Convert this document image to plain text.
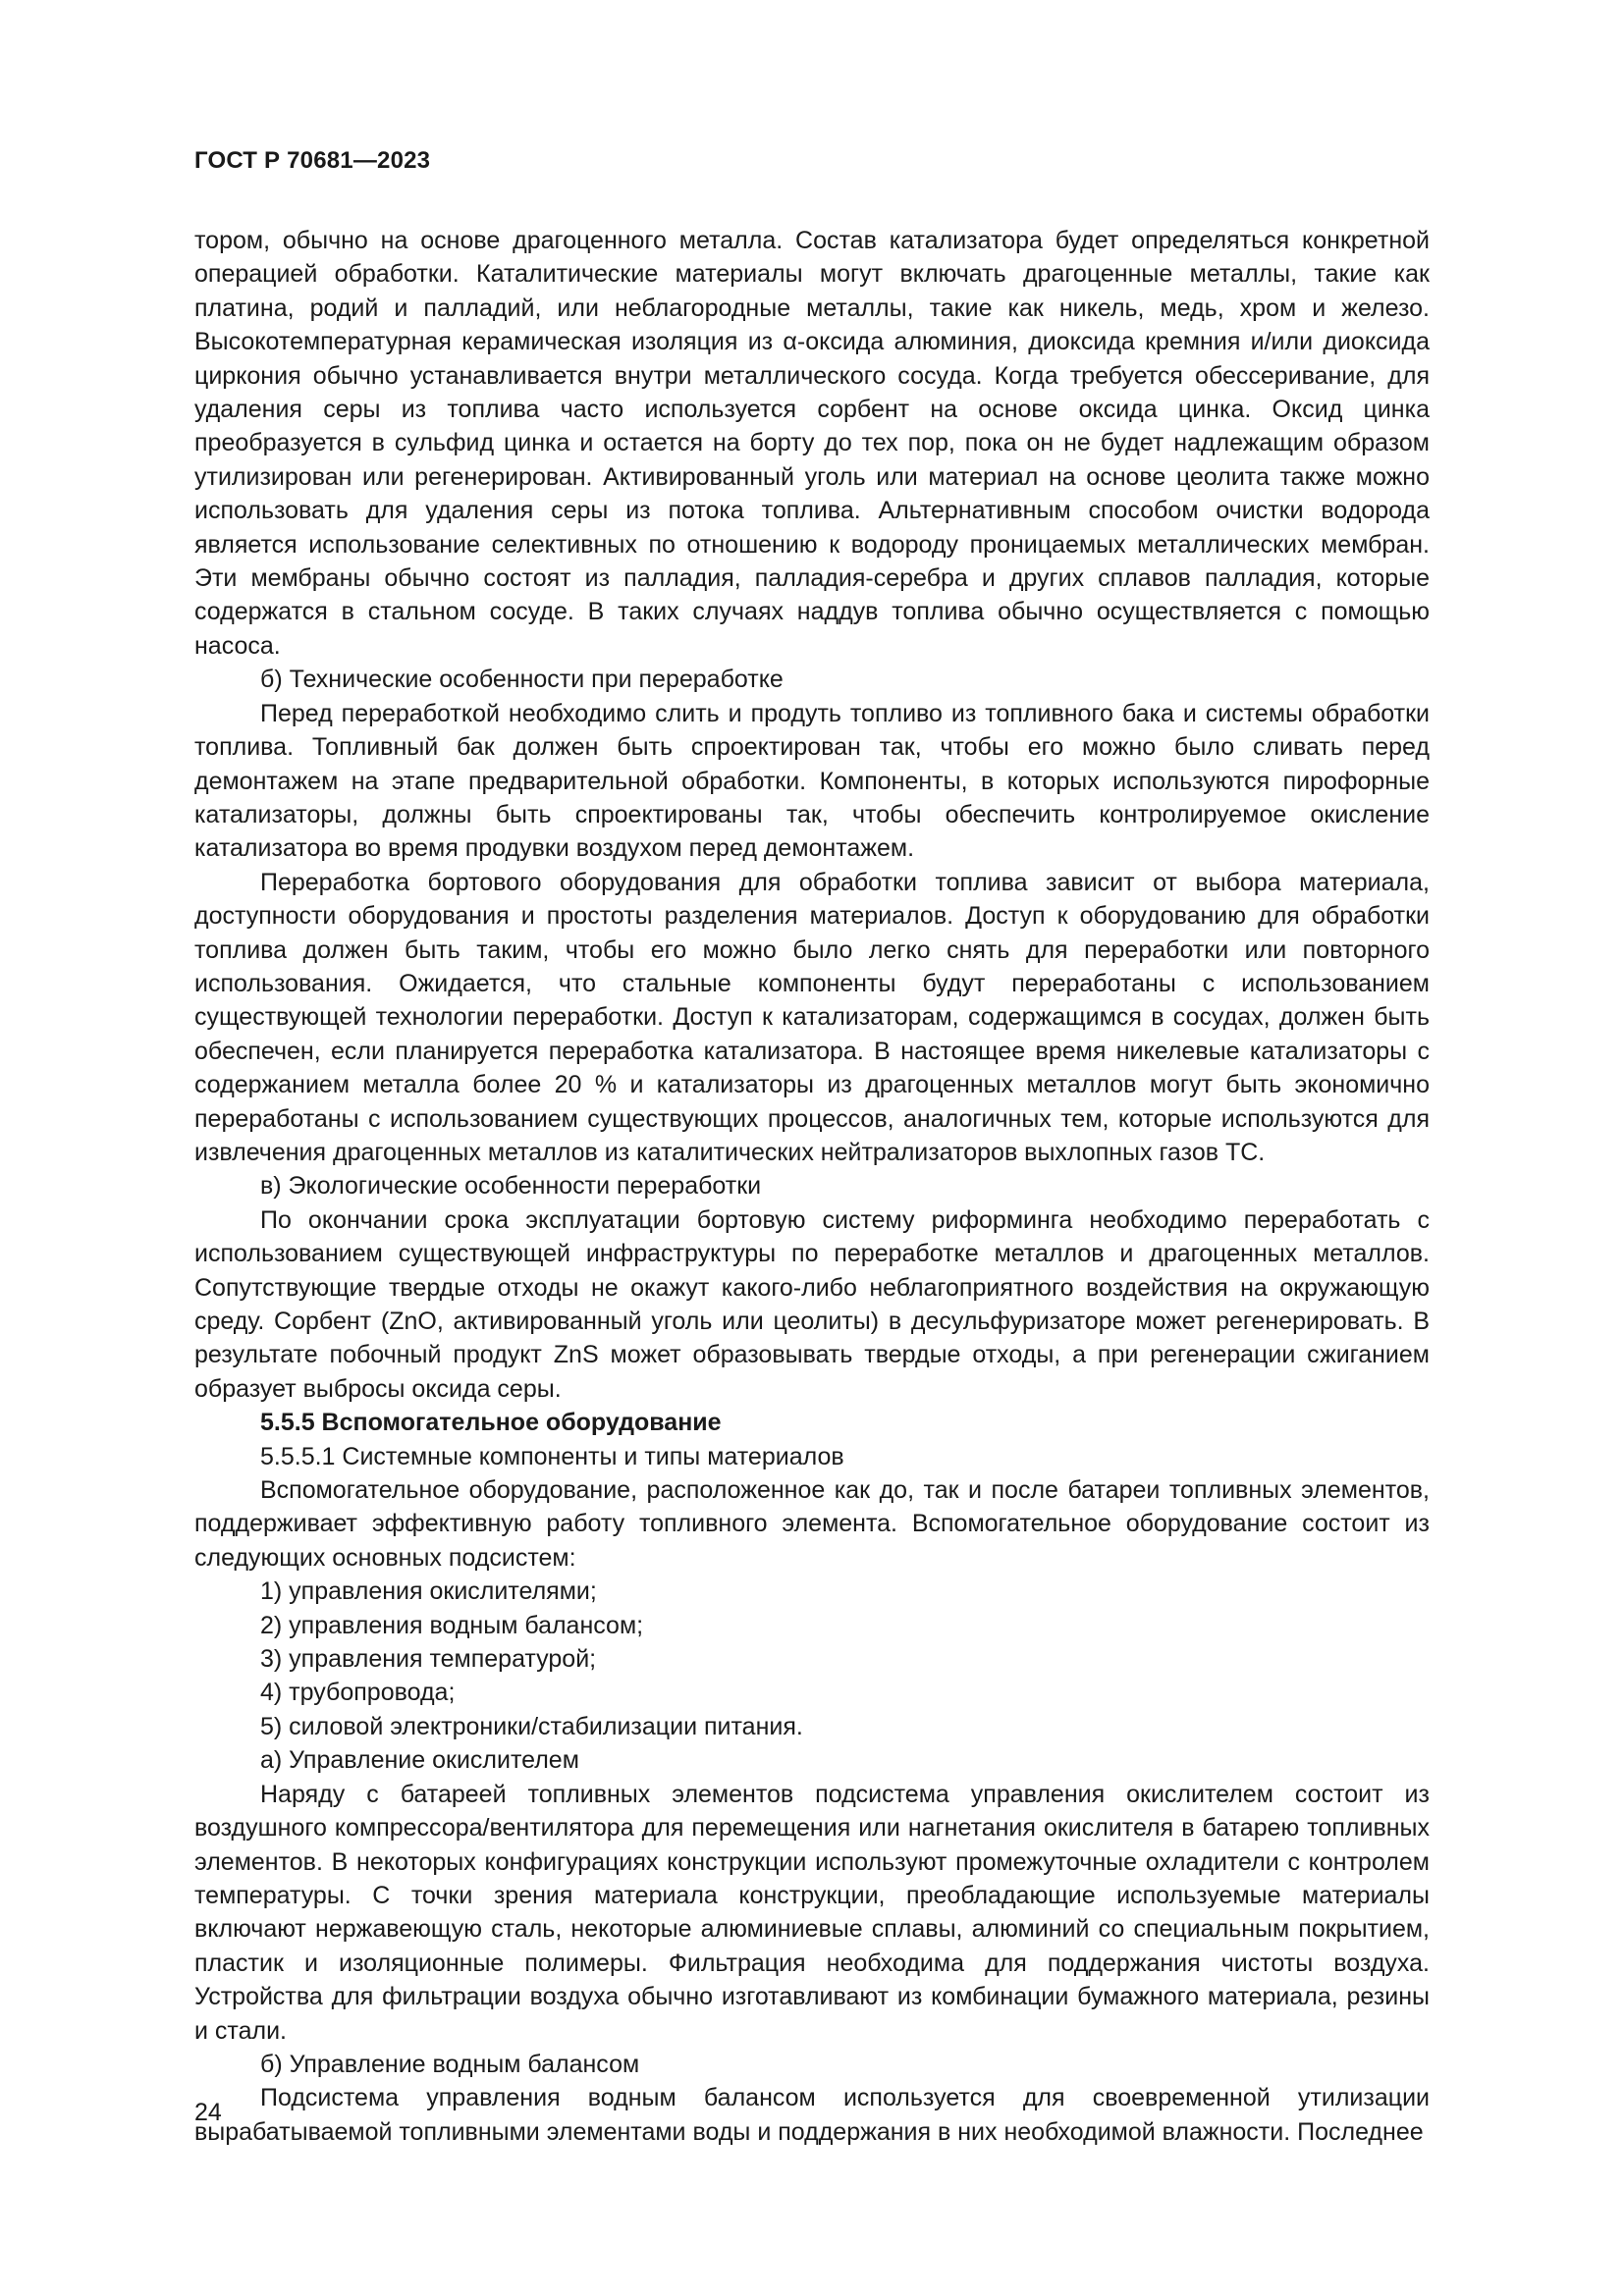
ГОСТ Р 70681—2023

тором, обычно на основе драгоценного металла. Состав катализатора будет определяться конкретной операцией обработки. Каталитические материалы могут включать драгоценные металлы, такие как платина, родий и палладий, или неблагородные металлы, такие как никель, медь, хром и железо. Высокотемпературная керамическая изоляция из α-оксида алюминия, диоксида кремния и/или диоксида циркония обычно устанавливается внутри металлического сосуда. Когда требуется обессеривание, для удаления серы из топлива часто используется сорбент на основе оксида цинка. Оксид цинка преобразуется в сульфид цинка и остается на борту до тех пор, пока он не будет надлежащим образом утилизирован или регенерирован. Активированный уголь или материал на основе цеолита также можно использовать для удаления серы из потока топлива. Альтернативным способом очистки водорода является использование селективных по отношению к водороду проницаемых металлических мембран. Эти мембраны обычно состоят из палладия, палладия-серебра и других сплавов палладия, которые содержатся в стальном сосуде. В таких случаях наддув топлива обычно осуществляется с помощью насоса.

б) Технические особенности при переработке

Перед переработкой необходимо слить и продуть топливо из топливного бака и системы обработки топлива. Топливный бак должен быть спроектирован так, чтобы его можно было сливать перед демонтажем на этапе предварительной обработки. Компоненты, в которых используются пирофорные катализаторы, должны быть спроектированы так, чтобы обеспечить контролируемое окисление катализатора во время продувки воздухом перед демонтажем.

Переработка бортового оборудования для обработки топлива зависит от выбора материала, доступности оборудования и простоты разделения материалов. Доступ к оборудованию для обработки топлива должен быть таким, чтобы его можно было легко снять для переработки или повторного использования. Ожидается, что стальные компоненты будут переработаны с использованием существующей технологии переработки. Доступ к катализаторам, содержащимся в сосудах, должен быть обеспечен, если планируется переработка катализатора. В настоящее время никелевые катализаторы с содержанием металла более 20 % и катализаторы из драгоценных металлов могут быть экономично переработаны с использованием существующих процессов, аналогичных тем, которые используются для извлечения драгоценных металлов из каталитических нейтрализаторов выхлопных газов ТС.

в) Экологические особенности переработки

По окончании срока эксплуатации бортовую систему риформинга необходимо переработать с использованием существующей инфраструктуры по переработке металлов и драгоценных металлов. Сопутствующие твердые отходы не окажут какого-либо неблагоприятного воздействия на окружающую среду. Сорбент (ZnO, активированный уголь или цеолиты) в десульфуризаторе может регенерировать. В результате побочный продукт ZnS может образовывать твердые отходы, а при регенерации сжиганием образует выбросы оксида серы.

5.5.5 Вспомогательное оборудование

5.5.5.1 Системные компоненты и типы материалов

Вспомогательное оборудование, расположенное как до, так и после батареи топливных элементов, поддерживает эффективную работу топливного элемента. Вспомогательное оборудование состоит из следующих основных подсистем:

1) управления окислителями;

2) управления водным балансом;

3) управления температурой;

4) трубопровода;

5) силовой электроники/стабилизации питания.

а) Управление окислителем

Наряду с батареей топливных элементов подсистема управления окислителем состоит из воздушного компрессора/вентилятора для перемещения или нагнетания окислителя в батарею топливных элементов. В некоторых конфигурациях конструкции используют промежуточные охладители с контролем температуры. С точки зрения материала конструкции, преобладающие используемые материалы включают нержавеющую сталь, некоторые алюминиевые сплавы, алюминий со специальным покрытием, пластик и изоляционные полимеры. Фильтрация необходима для поддержания чистоты воздуха. Устройства для фильтрации воздуха обычно изготавливают из комбинации бумажного материала, резины и стали.

б) Управление водным балансом

Подсистема управления водным балансом используется для своевременной утилизации вырабатываемой топливными элементами воды и поддержания в них необходимой влажности. Последнее

24
